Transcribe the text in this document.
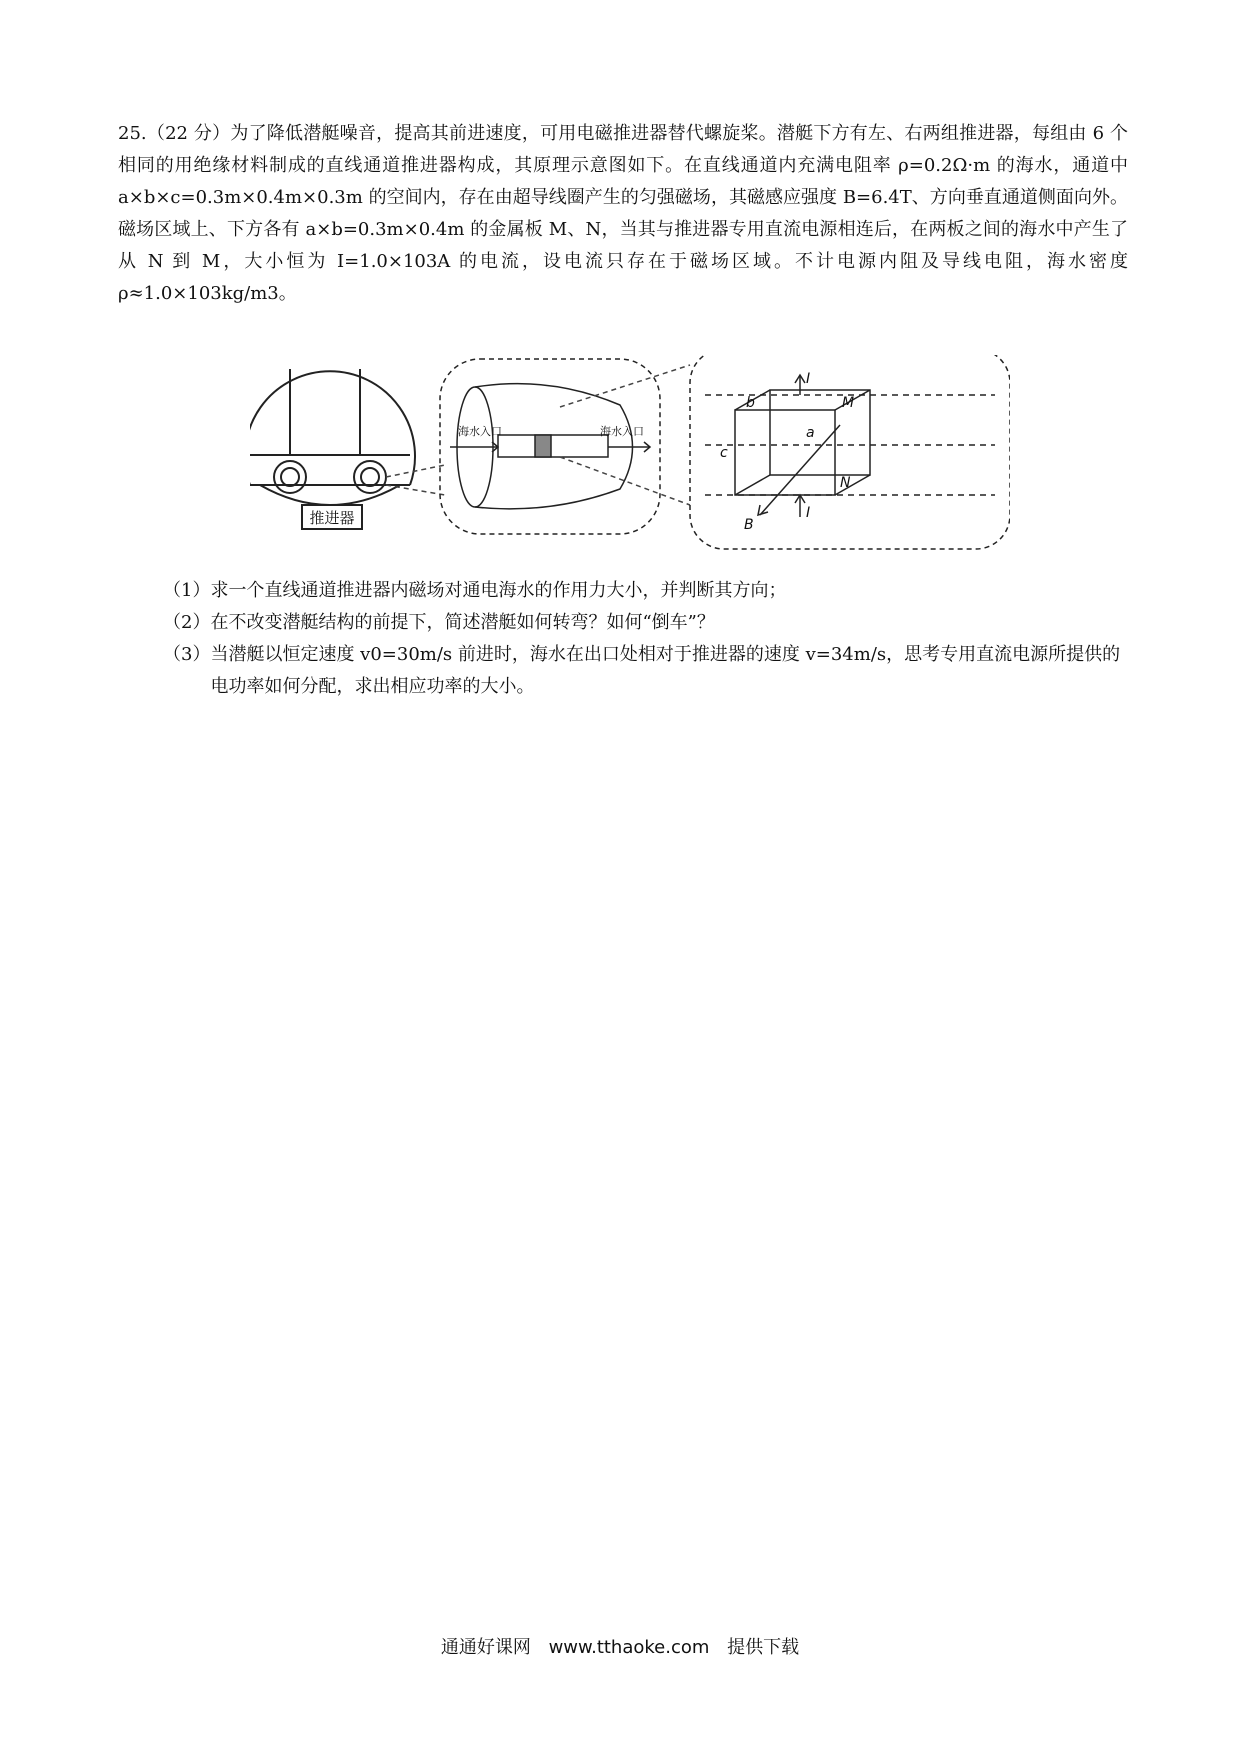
25.（22 分）为了降低潜艇噪音，提高其前进速度，可用电磁推进器替代螺旋桨。潜艇下方有左、右两组推进器，每组由 6 个相同的用绝缘材料制成的直线通道推进器构成，其原理示意图如下。在直线通道内充满电阻率 ρ=0.2Ω·m 的海水，通道中 a×b×c=0.3m×0.4m×0.3m 的空间内，存在由超导线圈产生的匀强磁场，其磁感应强度 B=6.4T、方向垂直通道侧面向外。磁场区域上、下方各有 a×b=0.3m×0.4m 的金属板 M、N，当其与推进器专用直流电源相连后，在两板之间的海水中产生了从 N 到 M，大小恒为 I=1.0×103A 的电流，设电流只存在于磁场区域。不计电源内阻及导线电阻，海水密度 ρ≈1.0×103kg/m3。

推进器
海水入口	海水入口
I
I
M
N
a
b
c
B

（1） 求一个直线通道推进器内磁场对通电海水的作用力大小，并判断其方向；

（2） 在不改变潜艇结构的前提下，简述潜艇如何转弯？如何“倒车”？

（3） 当潜艇以恒定速度 v0=30m/s 前进时，海水在出口处相对于推进器的速度 v=34m/s，思考专用直流电源所提供的电功率如何分配，求出相应功率的大小。

通通好课网 www.tthaoke.com 提供下载
